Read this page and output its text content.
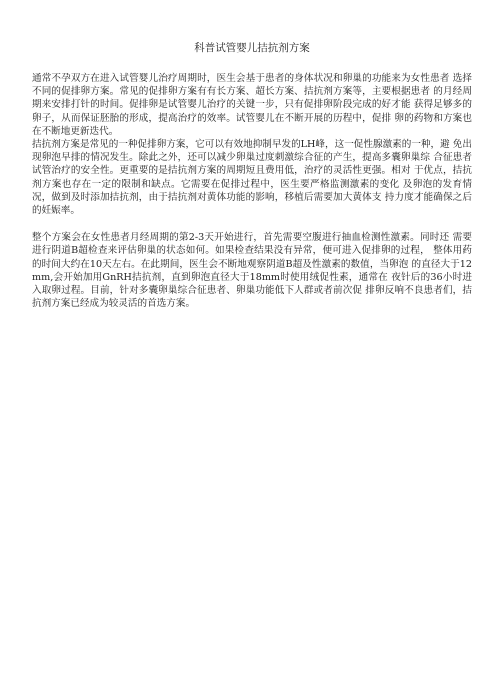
科普试管婴儿拮抗剂方案

通常不孕双方在进入试管婴儿治疗周期时，医生会基于患者的身体状况和卵巢的功能来为女性患者 选择不同的促排卵方案。常见的促排卵方案有有长方案、超长方案、拮抗剂方案等，主要根据患者 的月经周期来安排打针的时间。促排卵是试管婴儿治疗的关键一步，只有促排卵阶段完成的好才能 获得足够多的卵子，从而保证胚胎的形成，提高治疗的效率。试管婴儿在不断开展的历程中，促排 卵的药物和方案也在不断地更新迭代。

拮抗剂方案是常见的一种促排卵方案，它可以有效地抑制早发的LH峰，这一促性腺激素的一种，避 免出现卵泡早排的情况发生。除此之外，还可以减少卵巢过度刺激综合征的产生，提高多囊卵巢综 合征患者试管治疗的安全性。更重要的是拮抗剂方案的周期短且费用低，治疗的灵活性更强。相对 于优点，拮抗剂方案也存在一定的限制和缺点。它需要在促排过程中，医生要严格监测激素的变化 及卵泡的发育情况，做到及时添加拮抗剂，由于拮抗剂对黄体功能的影响，移植后需要加大黄体支 持力度才能确保之后的妊娠率。

整个方案会在女性患者月经周期的第2-3天开始进行，首先需要空腹进行抽血检测性激素。同时还 需要进行阴道B超检查来评估卵巢的状态如何。如果检查结果没有异常，便可进入促排卵的过程， 整体用药的时间大约在10天左右。在此期间，医生会不断地观察阴道B超及性激素的数值，当卵泡 的直径大于12mm,会开始加用GnRH拮抗剂，直到卵泡直径大于18mm时使用绒促性素，通常在 夜针后的36小时进入取卵过程。目前，针对多囊卵巢综合征患者、卵巢功能低下人群或者前次促 排卵反响不良患者们，拮抗剂方案已经成为较灵活的首选方案。
